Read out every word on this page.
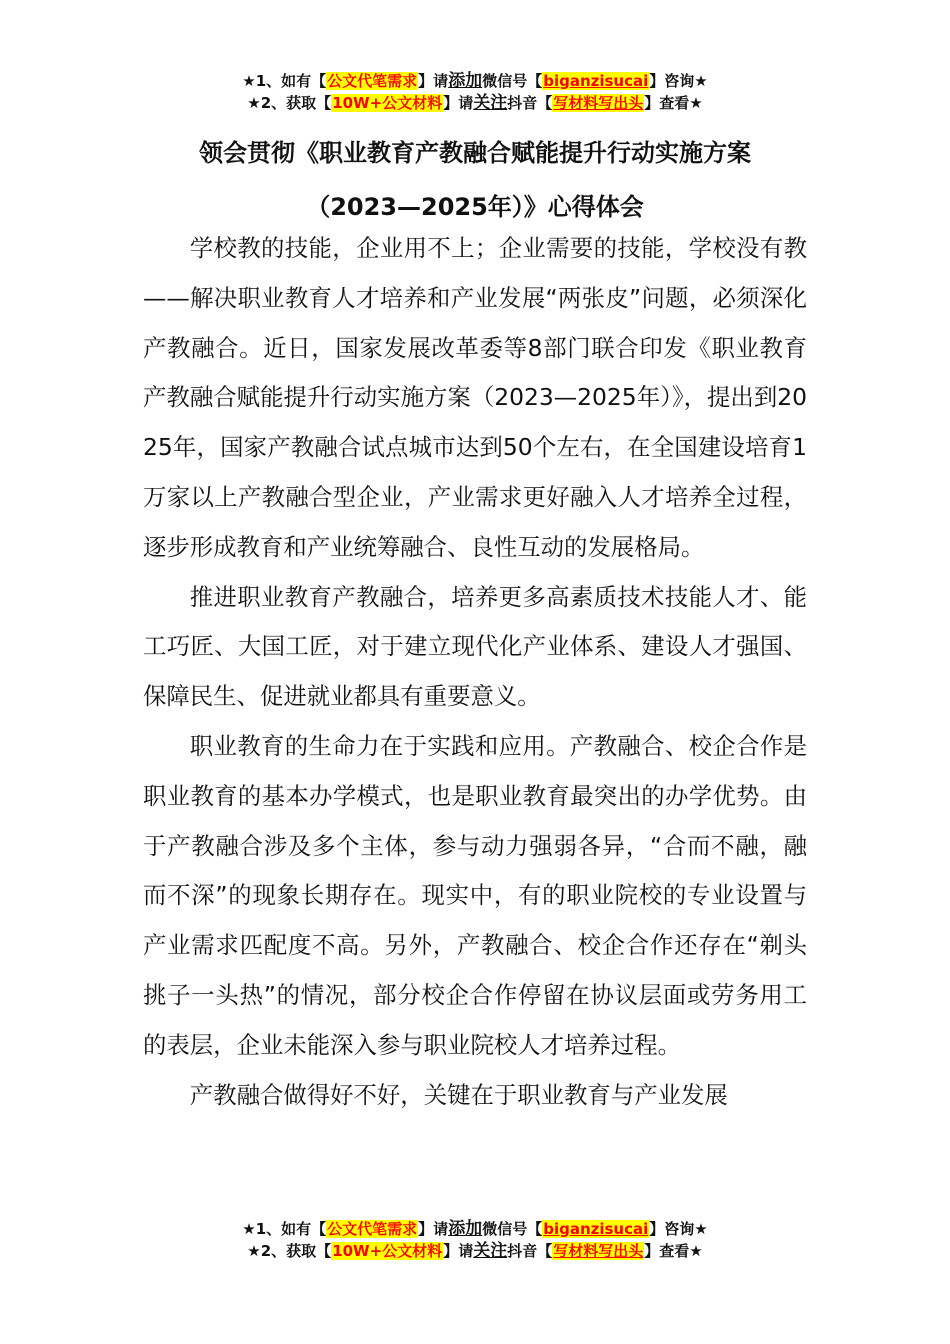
★1、如有【公文代笔需求】请添加微信号【biganzisucai】咨询★
★2、获取【10W+公文材料】请关注抖音【写材料写出头】查看★
领会贯彻《职业教育产教融合赋能提升行动实施方案
（2023—2025年）》心得体会

学校教的技能，企业用不上；企业需要的技能，学校没有教——解决职业教育人才培养和产业发展“两张皮”问题，必须深化产教融合。近日，国家发展改革委等8部门联合印发《职业教育产教融合赋能提升行动实施方案（2023—2025年）》，提出到2025年，国家产教融合试点城市达到50个左右，在全国建设培育1万家以上产教融合型企业，产业需求更好融入人才培养全过程，逐步形成教育和产业统筹融合、良性互动的发展格局。

推进职业教育产教融合，培养更多高素质技术技能人才、能工巧匠、大国工匠，对于建立现代化产业体系、建设人才强国、保障民生、促进就业都具有重要意义。

职业教育的生命力在于实践和应用。产教融合、校企合作是职业教育的基本办学模式，也是职业教育最突出的办学优势。由于产教融合涉及多个主体，参与动力强弱各异，“合而不融，融而不深”的现象长期存在。现实中，有的职业院校的专业设置与产业需求匹配度不高。另外，产教融合、校企合作还存在“剃头挑子一头热”的情况，部分校企合作停留在协议层面或劳务用工的表层，企业未能深入参与职业院校人才培养过程。

产教融合做得好不好，关键在于职业教育与产业发展

★1、如有【公文代笔需求】请添加微信号【biganzisucai】咨询★
★2、获取【10W+公文材料】请关注抖音【写材料写出头】查看★
